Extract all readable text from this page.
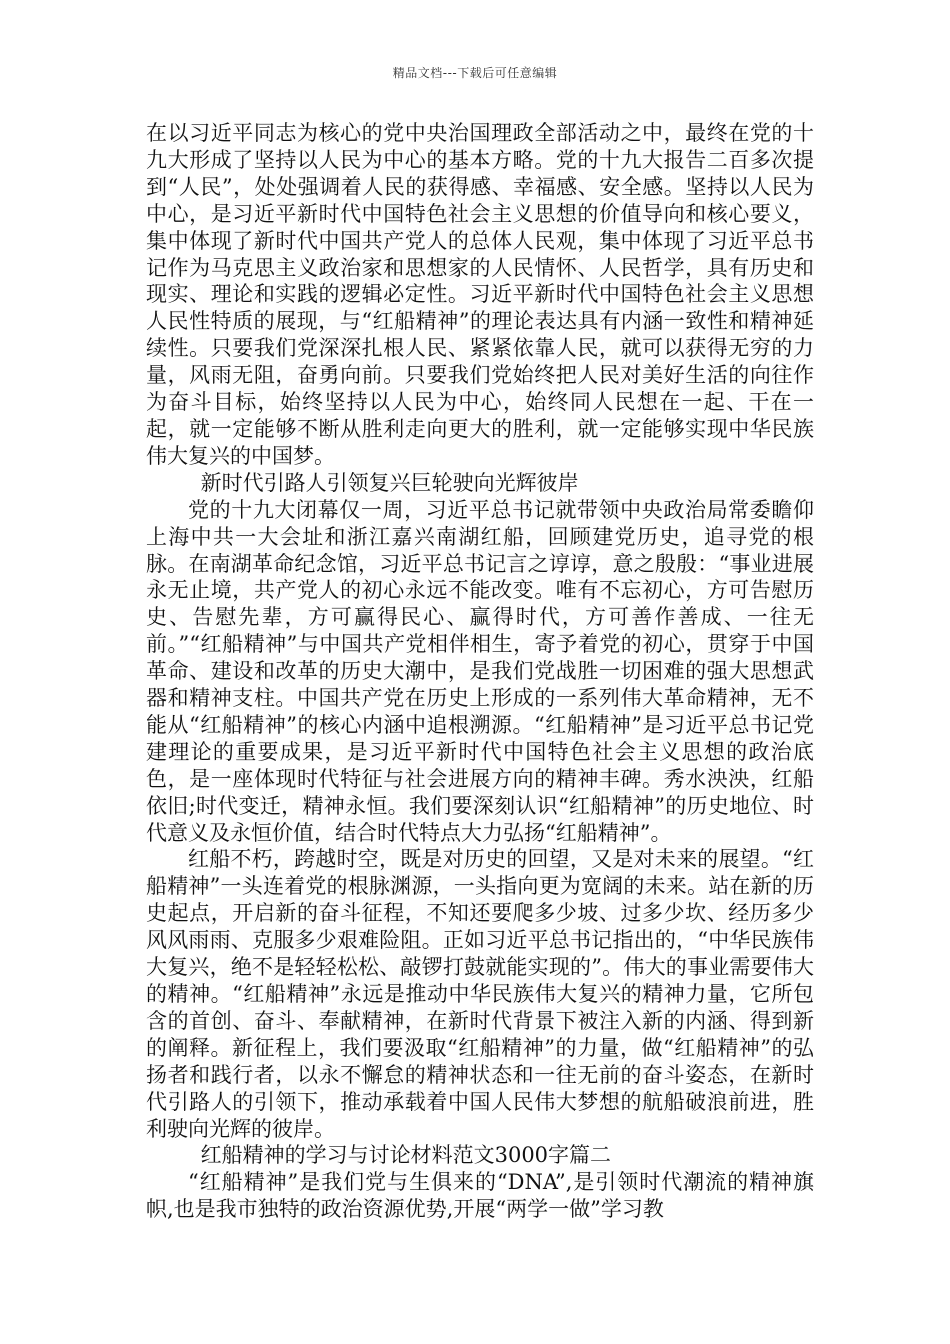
精品文档---下载后可任意编辑

在以习近平同志为核心的党中央治国理政全部活动之中，最终在党的十九大形成了坚持以人民为中心的基本方略。党的十九大报告二百多次提到“人民”，处处强调着人民的获得感、幸福感、安全感。坚持以人民为中心，是习近平新时代中国特色社会主义思想的价值导向和核心要义，集中体现了新时代中国共产党人的总体人民观，集中体现了习近平总书记作为马克思主义政治家和思想家的人民情怀、人民哲学，具有历史和现实、理论和实践的逻辑必定性。习近平新时代中国特色社会主义思想人民性特质的展现，与“红船精神”的理论表达具有内涵一致性和精神延续性。只要我们党深深扎根人民、紧紧依靠人民，就可以获得无穷的力量，风雨无阻，奋勇向前。只要我们党始终把人民对美好生活的向往作为奋斗目标，始终坚持以人民为中心，始终同人民想在一起、干在一起，就一定能够不断从胜利走向更大的胜利，就一定能够实现中华民族伟大复兴的中国梦。

新时代引路人引领复兴巨轮驶向光辉彼岸

党的十九大闭幕仅一周，习近平总书记就带领中央政治局常委瞻仰上海中共一大会址和浙江嘉兴南湖红船，回顾建党历史，追寻党的根脉。在南湖革命纪念馆，习近平总书记言之谆谆，意之殷殷：“事业进展永无止境，共产党人的初心永远不能改变。唯有不忘初心，方可告慰历史、告慰先辈，方可赢得民心、赢得时代，方可善作善成、一往无前。”“红船精神”与中国共产党相伴相生，寄予着党的初心，贯穿于中国革命、建设和改革的历史大潮中，是我们党战胜一切困难的强大思想武器和精神支柱。中国共产党在历史上形成的一系列伟大革命精神，无不能从“红船精神”的核心内涵中追根溯源。“红船精神”是习近平总书记党建理论的重要成果，是习近平新时代中国特色社会主义思想的政治底色，是一座体现时代特征与社会进展方向的精神丰碑。秀水泱泱，红船依旧;时代变迁，精神永恒。我们要深刻认识“红船精神”的历史地位、时代意义及永恒价值，结合时代特点大力弘扬“红船精神”。

红船不朽，跨越时空，既是对历史的回望，又是对未来的展望。“红船精神”一头连着党的根脉渊源，一头指向更为宽阔的未来。站在新的历史起点，开启新的奋斗征程，不知还要爬多少坡、过多少坎、经历多少风风雨雨、克服多少艰难险阻。正如习近平总书记指出的，“中华民族伟大复兴，绝不是轻轻松松、敲锣打鼓就能实现的”。伟大的事业需要伟大的精神。“红船精神”永远是推动中华民族伟大复兴的精神力量，它所包含的首创、奋斗、奉献精神，在新时代背景下被注入新的内涵、得到新的阐释。新征程上，我们要汲取“红船精神”的力量，做“红船精神”的弘扬者和践行者，以永不懈怠的精神状态和一往无前的奋斗姿态，在新时代引路人的引领下，推动承载着中国人民伟大梦想的航船破浪前进，胜利驶向光辉的彼岸。

红船精神的学习与讨论材料范文3000字篇二

“红船精神”是我们党与生俱来的“DNA”,是引领时代潮流的精神旗帜,也是我市独特的政治资源优势,开展“两学一做”学习教
